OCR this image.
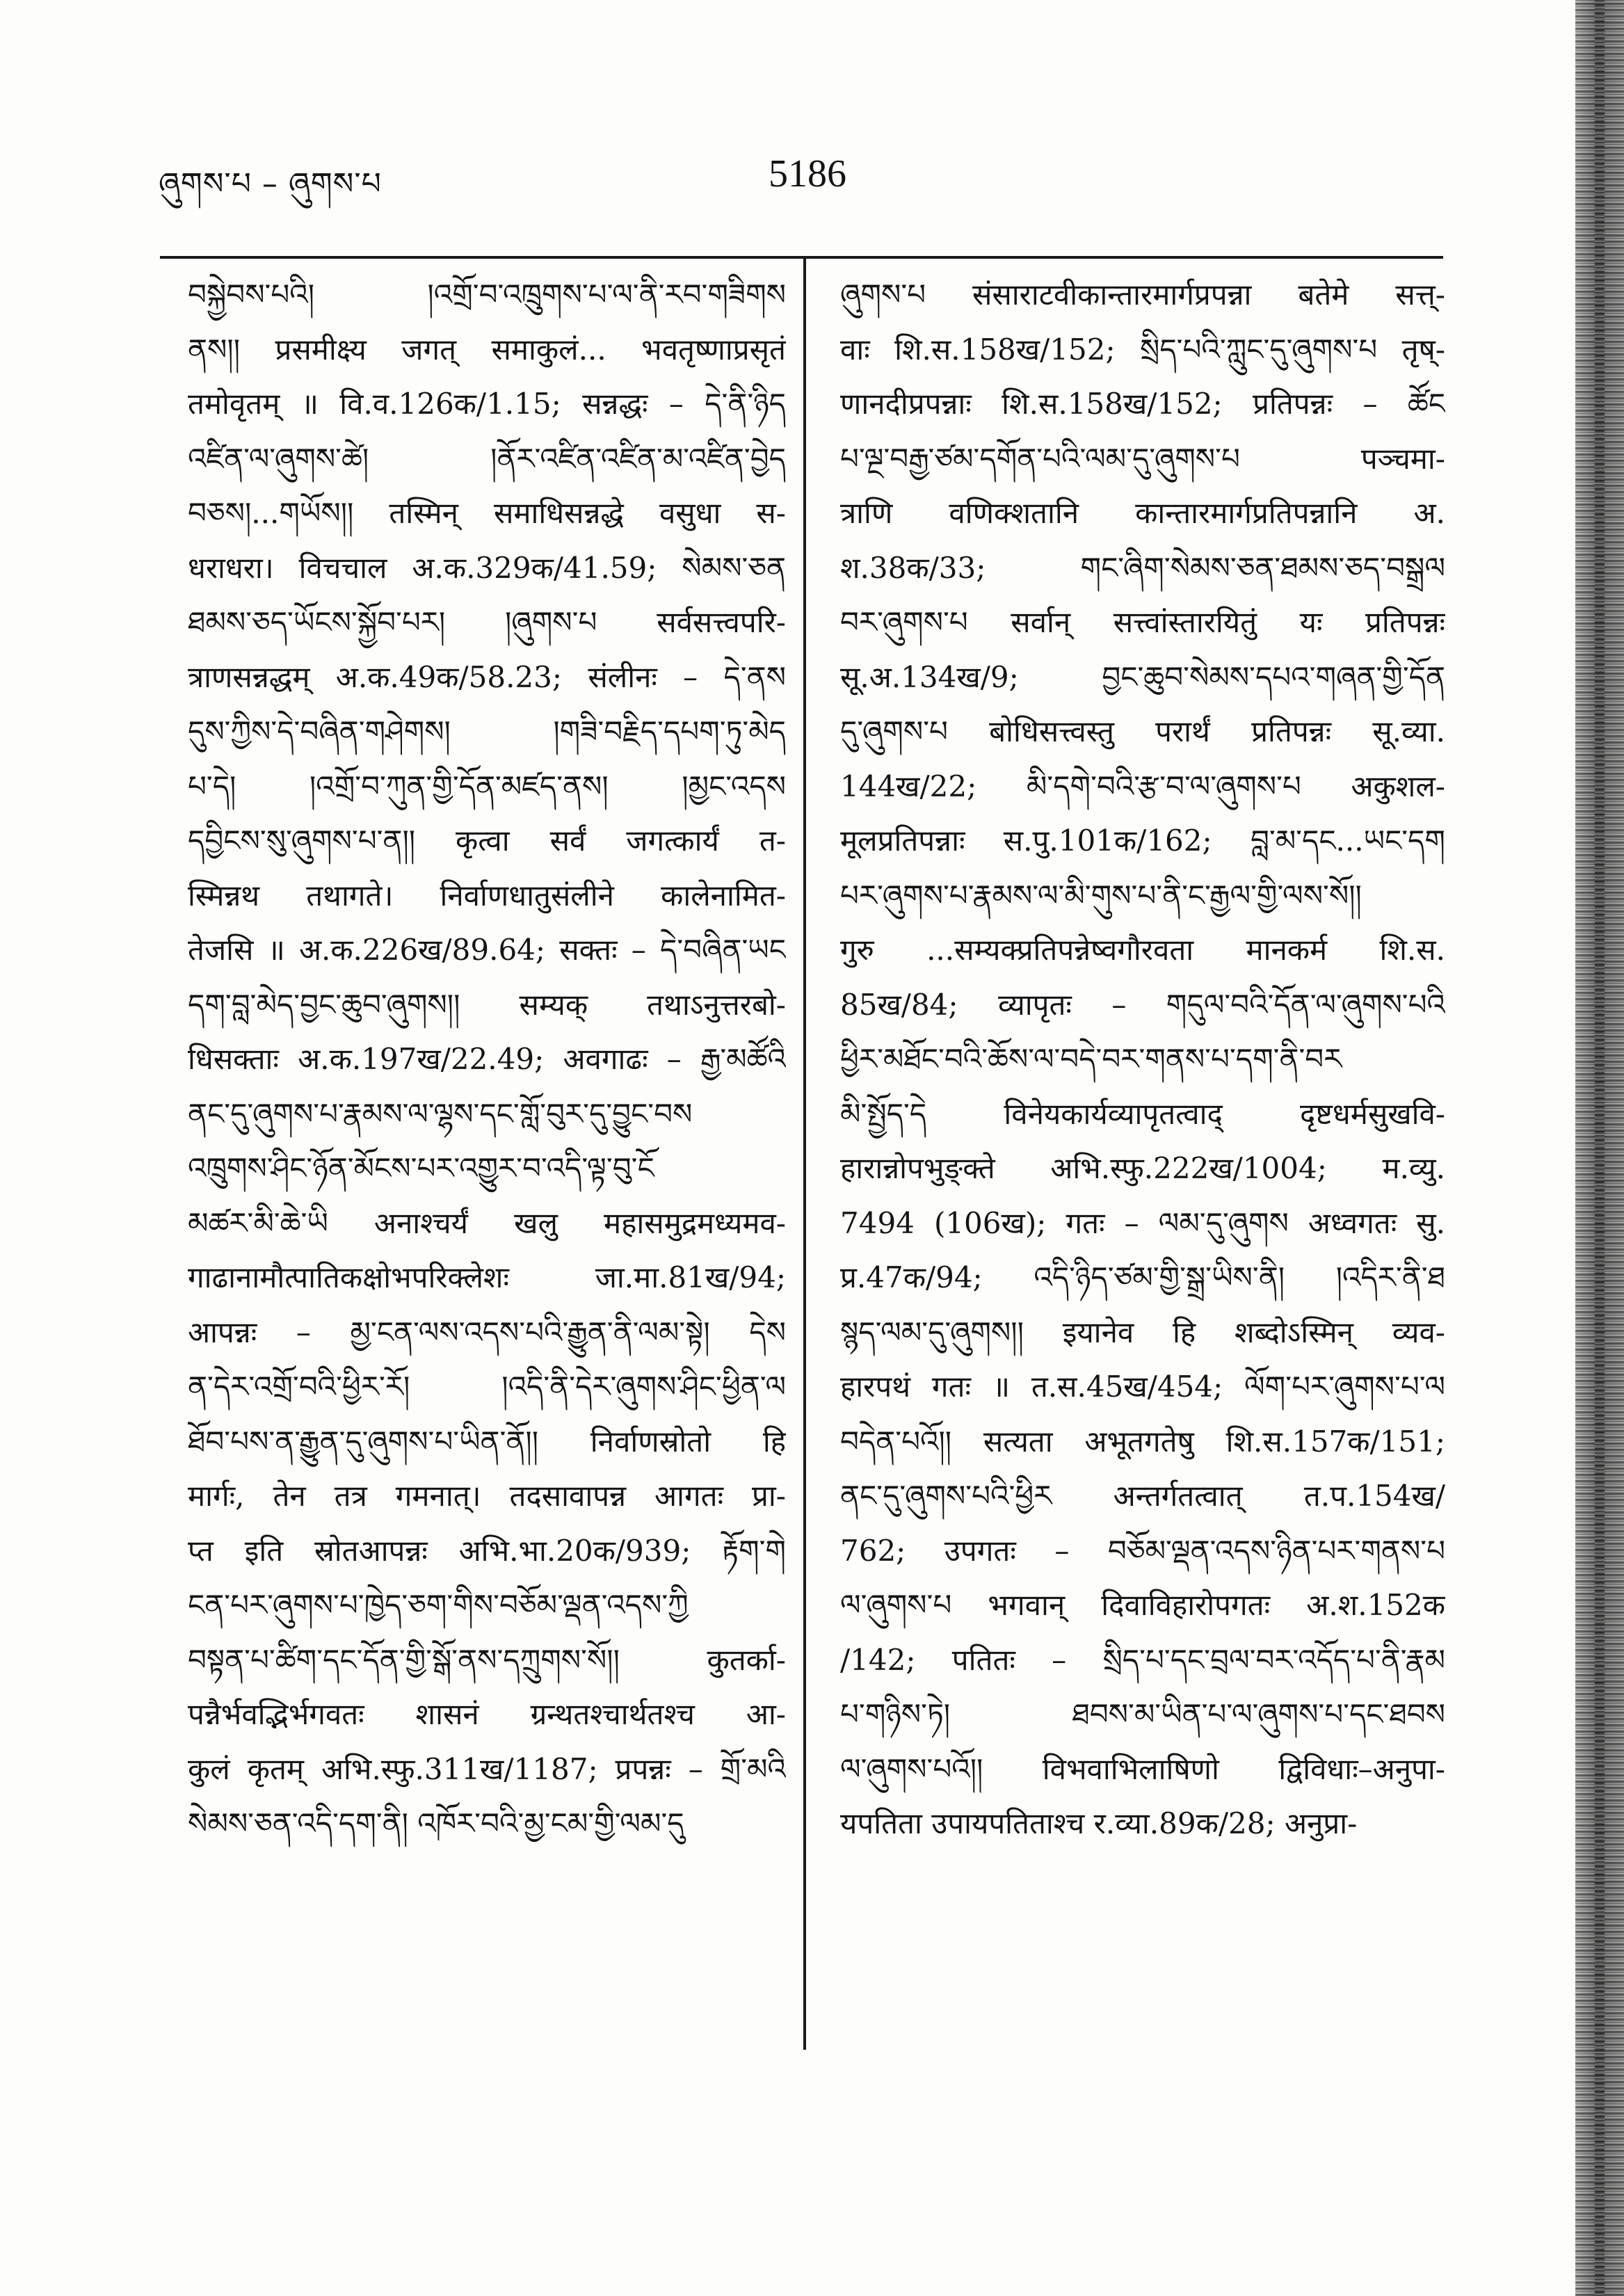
ཞུགས་པ – ཞུགས་པ	5186
བསྐྱེབས་པའི། །འགྲོ་བ་འཁྲུགས་པ་ལ་ནི་རབ་གཟིགས
ནས།། प्रसमीक्ष्य जगत् समाकुलं... भवतृष्णाप्रसृतं
तमोवृतम् ॥ वि.व.126क/1.15; सन्नद्धः – དེ་ནི་ཉིད
འཛིན་ལ་ཞུགས་ཚེ། །ནོར་འཛིན་འཛིན་མ་འཛིན་བྱེད
བཅས།...གཡོས།། तस्मिन् समाधिसन्नद्धे वसुधा स-
धराधरा। विचचाल अ.क.329क/41.59; སེམས་ཅན
ཐམས་ཅད་ཡོངས་སྐྱོབ་པར། །ཞུགས་པ सर्वसत्त्वपरि-
त्राणसन्नद्धम् अ.क.49क/58.23; संलीनः – དེ་ནས
དུས་ཀྱིས་དེ་བཞིན་གཤེགས། །གཟི་བརྗིད་དཔག་ཏུ་མེད
པ་དེ། །འགྲོ་བ་ཀུན་གྱི་དོན་མཛད་ནས། །མྱང་འདས
དབྱིངས་སུ་ཞུགས་པ་ན།། कृत्वा सर्वं जगत्कार्यं त-
स्मिन्नथ तथागते। निर्वाणधातुसंलीने कालेनामित-
तेजसि ॥ अ.क.226ख/89.64; सक्तः – དེ་བཞིན་ཡང
དག་བླ་མེད་བྱང་ཆུབ་ཞུགས།། सम्यक् तथाऽनुत्तरबो-
धिसक्ताः अ.क.197ख/22.49; अवगाढः – རྒྱ་མཚོའི
ནང་དུ་ཞུགས་པ་རྣམས་ལ་ལྷས་དང་གློ་བུར་དུ་བྱུང་བས
འཁྲུགས་ཤིང་ཉོན་མོངས་པར་འགྱུར་བ་འདི་ལྟ་བུ་ངོ
མཚར་མི་ཆེ་ཡི अनाश्चर्यं खलु महासमुद्रमध्यमव-
गाढानामौत्पातिकक्षोभपरिक्लेशः जा.मा.81ख/94;
आपन्नः – མྱ་ངན་ལས་འདས་པའི་རྒྱུན་ནི་ལམ་སྟེ། དེས
ན་དེར་འགྲོ་བའི་ཕྱིར་རོ། །འདི་ནི་དེར་ཞུགས་ཤིང་ཕྱིན་ལ
ཐོབ་པས་ན་རྒྱུན་དུ་ཞུགས་པ་ཡིན་ནོ།། निर्वाणस्रोतो हि
मार्गः, तेन तत्र गमनात्। तदसावापन्न आगतः प्रा-
प्त इति स्रोतआपन्नः अभि.भा.20क/939; རྟོག་གེ
ངན་པར་ཞུགས་པ་ཁྱེད་ཅག་གིས་བཅོམ་ལྡན་འདས་ཀྱི
བསྟན་པ་ཚིག་དང་དོན་གྱི་སྒོ་ནས་དཀྲུགས་སོ།། कुतर्का-
पन्नैर्भवद्भिर्भगवतः शासनं ग्रन्थतश्चार्थतश्च आ-
कुलं कृतम् अभि.स्फु.311ख/1187; प्रपन्नः – གྲོ་མའི
སེམས་ཅན་འདི་དག་ནི། འཁོར་བའི་མྱ་ངམ་གྱི་ལམ་དུ
ཞུགས་པ संसाराटवीकान्तारमार्गप्रपन्ना बतेमे सत्त्-
वाः शि.स.158ख/152; སྲིད་པའི་ཀླུང་དུ་ཞུགས་པ तृष्-
णानदीप्रपन्नाः शि.स.158ख/152; प्रतिपन्नः – ཚོང
པ་ལྔ་བརྒྱ་ཙམ་དགོན་པའི་ལམ་དུ་ཞུགས་པ पञ्चमा-
त्राणि वणिक्शतानि कान्तारमार्गप्रतिपन्नानि अ.
श.38क/33; གང་ཞིག་སེམས་ཅན་ཐམས་ཅད་བསྒྲལ
བར་ཞུགས་པ सर्वान् सत्त्वांस्तारयितुं यः प्रतिपन्नः
सू.अ.134ख/9; བྱང་ཆུབ་སེམས་དཔའ་གཞན་གྱི་དོན
དུ་ཞུགས་པ बोधिसत्त्वस्तु परार्थं प्रतिपन्नः सू.व्या.
144ख/22; མི་དགེ་བའི་རྩ་བ་ལ་ཞུགས་པ अकुशल-
मूलप्रतिपन्नाः स.पु.101क/162; བླ་མ་དང...ཡང་དག
པར་ཞུགས་པ་རྣམས་ལ་མི་གུས་པ་ནི་ང་རྒྱལ་གྱི་ལས་སོ།།
गुरु ...सम्यक्प्रतिपन्नेष्वगौरवता मानकर्म शि.स.
85ख/84; व्यापृतः – གདུལ་བའི་དོན་ལ་ཞུགས་པའི
ཕྱིར་མཐོང་བའི་ཆོས་ལ་བདེ་བར་གནས་པ་དག་ནི་བར
མི་སྤྱོད་དེ विनेयकार्यव्यापृतत्वाद् दृष्टधर्मसुखवि-
हारान्नोपभुङ्क्ते अभि.स्फु.222ख/1004; म.व्यु.
7494 (106ख); गतः – ལམ་དུ་ཞུགས अध्वगतः सु.
प्र.47क/94; འདི་ཉིད་ཙམ་གྱི་སྒྲ་ཡིས་ནི། །འདིར་ནི་ཐ
སྙད་ལམ་དུ་ཞུགས།། इयानेव हि शब्दोऽस्मिन् व्यव-
हारपथं गतः ॥ त.स.45ख/454; ལོག་པར་ཞུགས་པ་ལ
བདེན་པའོ།། सत्यता अभूतगतेषु शि.स.157क/151;
ནང་དུ་ཞུགས་པའི་ཕྱིར अन्तर्गतत्वात् त.प.154ख/
762; उपगतः – བཅོམ་ལྡན་འདས་ཉིན་པར་གནས་པ
ལ་ཞུགས་པ भगवान् दिवाविहारोपगतः अ.श.152क
/142; पतितः – སྲིད་པ་དང་བྲལ་བར་འདོད་པ་ནི་རྣམ
པ་གཉིས་ཏེ། ཐབས་མ་ཡིན་པ་ལ་ཞུགས་པ་དང་ཐབས
ལ་ཞུགས་པའོ།། विभवाभिलाषिणो द्विविधाः–अनुपा-
यपतिता उपायपतिताश्च र.व्या.89क/28; अनुप्रा-
